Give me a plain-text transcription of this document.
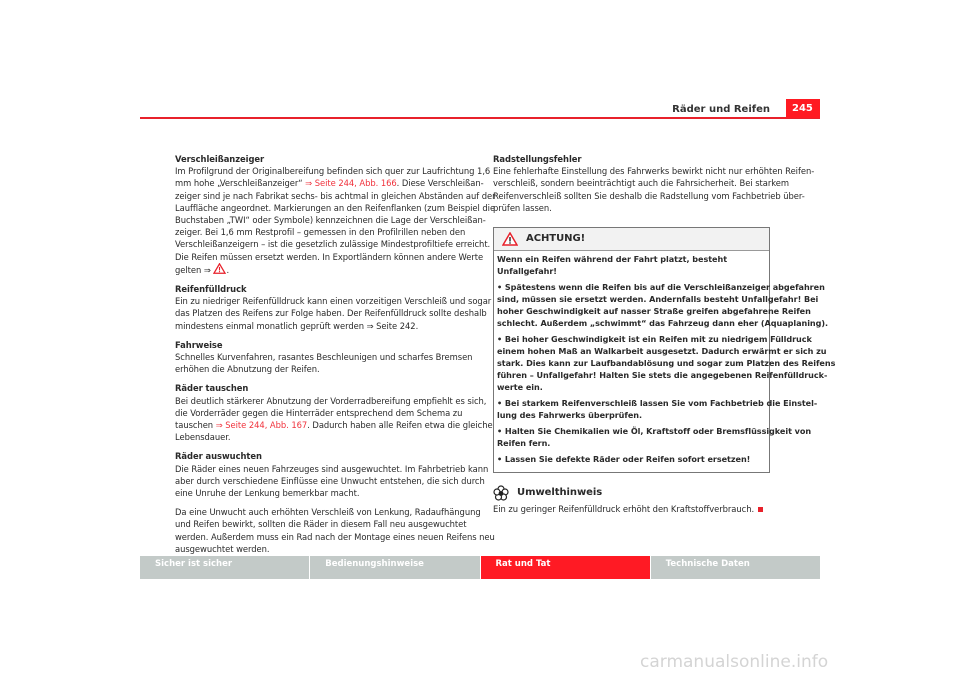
Räder und Reifen	245
Verschleißanzeiger
Im Profilgrund der Originalbereifung befinden sich quer zur Laufrichtung 1,6
mm hohe „Verschleißanzeiger“ ⇒ Seite 244, Abb. 166. Diese Verschleißan-
zeiger sind je nach Fabrikat sechs- bis achtmal in gleichen Abständen auf der
Lauffläche angeordnet. Markierungen an den Reifenflanken (zum Beispiel die
Buchstaben „TWI“ oder Symbole) kennzeichnen die Lage der Verschleißan-
zeiger. Bei 1,6 mm Restprofil – gemessen in den Profilrillen neben den
Verschleißanzeigern – ist die gesetzlich zulässige Mindestprofiltiefe erreicht.
Die Reifen müssen ersetzt werden. In Exportländern können andere Werte
gelten ⇒ .
Reifenfülldruck
Ein zu niedriger Reifenfülldruck kann einen vorzeitigen Verschleiß und sogar
das Platzen des Reifens zur Folge haben. Der Reifenfülldruck sollte deshalb
mindestens einmal monatlich geprüft werden ⇒ Seite 242.
Fahrweise
Schnelles Kurvenfahren, rasantes Beschleunigen und scharfes Bremsen
erhöhen die Abnutzung der Reifen.
Räder tauschen
Bei deutlich stärkerer Abnutzung der Vorderradbereifung empfiehlt es sich,
die Vorderräder gegen die Hinterräder entsprechend dem Schema zu
tauschen ⇒ Seite 244, Abb. 167. Dadurch haben alle Reifen etwa die gleiche
Lebensdauer.
Räder auswuchten
Die Räder eines neuen Fahrzeuges sind ausgewuchtet. Im Fahrbetrieb kann
aber durch verschiedene Einflüsse eine Unwucht entstehen, die sich durch
eine Unruhe der Lenkung bemerkbar macht.
Da eine Unwucht auch erhöhten Verschleiß von Lenkung, Radaufhängung
und Reifen bewirkt, sollten die Räder in diesem Fall neu ausgewuchtet
werden. Außerdem muss ein Rad nach der Montage eines neuen Reifens neu
ausgewuchtet werden.
Radstellungsfehler
Eine fehlerhafte Einstellung des Fahrwerks bewirkt nicht nur erhöhten Reifen-
verschleiß, sondern beeinträchtigt auch die Fahrsicherheit. Bei starkem
Reifenverschleiß sollten Sie deshalb die Radstellung vom Fachbetrieb über-
prüfen lassen.
ACHTUNG!
Wenn ein Reifen während der Fahrt platzt, besteht Unfallgefahr!
• Spätestens wenn die Reifen bis auf die Verschleißanzeiger abgefahren
sind, müssen sie ersetzt werden. Andernfalls besteht Unfallgefahr! Bei
hoher Geschwindigkeit auf nasser Straße greifen abgefahrene Reifen
schlecht. Außerdem „schwimmt“ das Fahrzeug dann eher (Aquaplaning).
• Bei hoher Geschwindigkeit ist ein Reifen mit zu niedrigem Fülldruck
einem hohen Maß an Walkarbeit ausgesetzt. Dadurch erwärmt er sich zu
stark. Dies kann zur Laufbandablösung und sogar zum Platzen des Reifens
führen – Unfallgefahr! Halten Sie stets die angegebenen Reifenfülldruck-
werte ein.
• Bei starkem Reifenverschleiß lassen Sie vom Fachbetrieb die Einstel-
lung des Fahrwerks überprüfen.
• Halten Sie Chemikalien wie Öl, Kraftstoff oder Bremsflüssigkeit von
Reifen fern.
• Lassen Sie defekte Räder oder Reifen sofort ersetzen!
Umwelthinweis
Ein zu geringer Reifenfülldruck erhöht den Kraftstoffverbrauch.
Sicher ist sicher	Bedienungshinweise	Rat und Tat	Technische Daten
carmanualsonline.info
